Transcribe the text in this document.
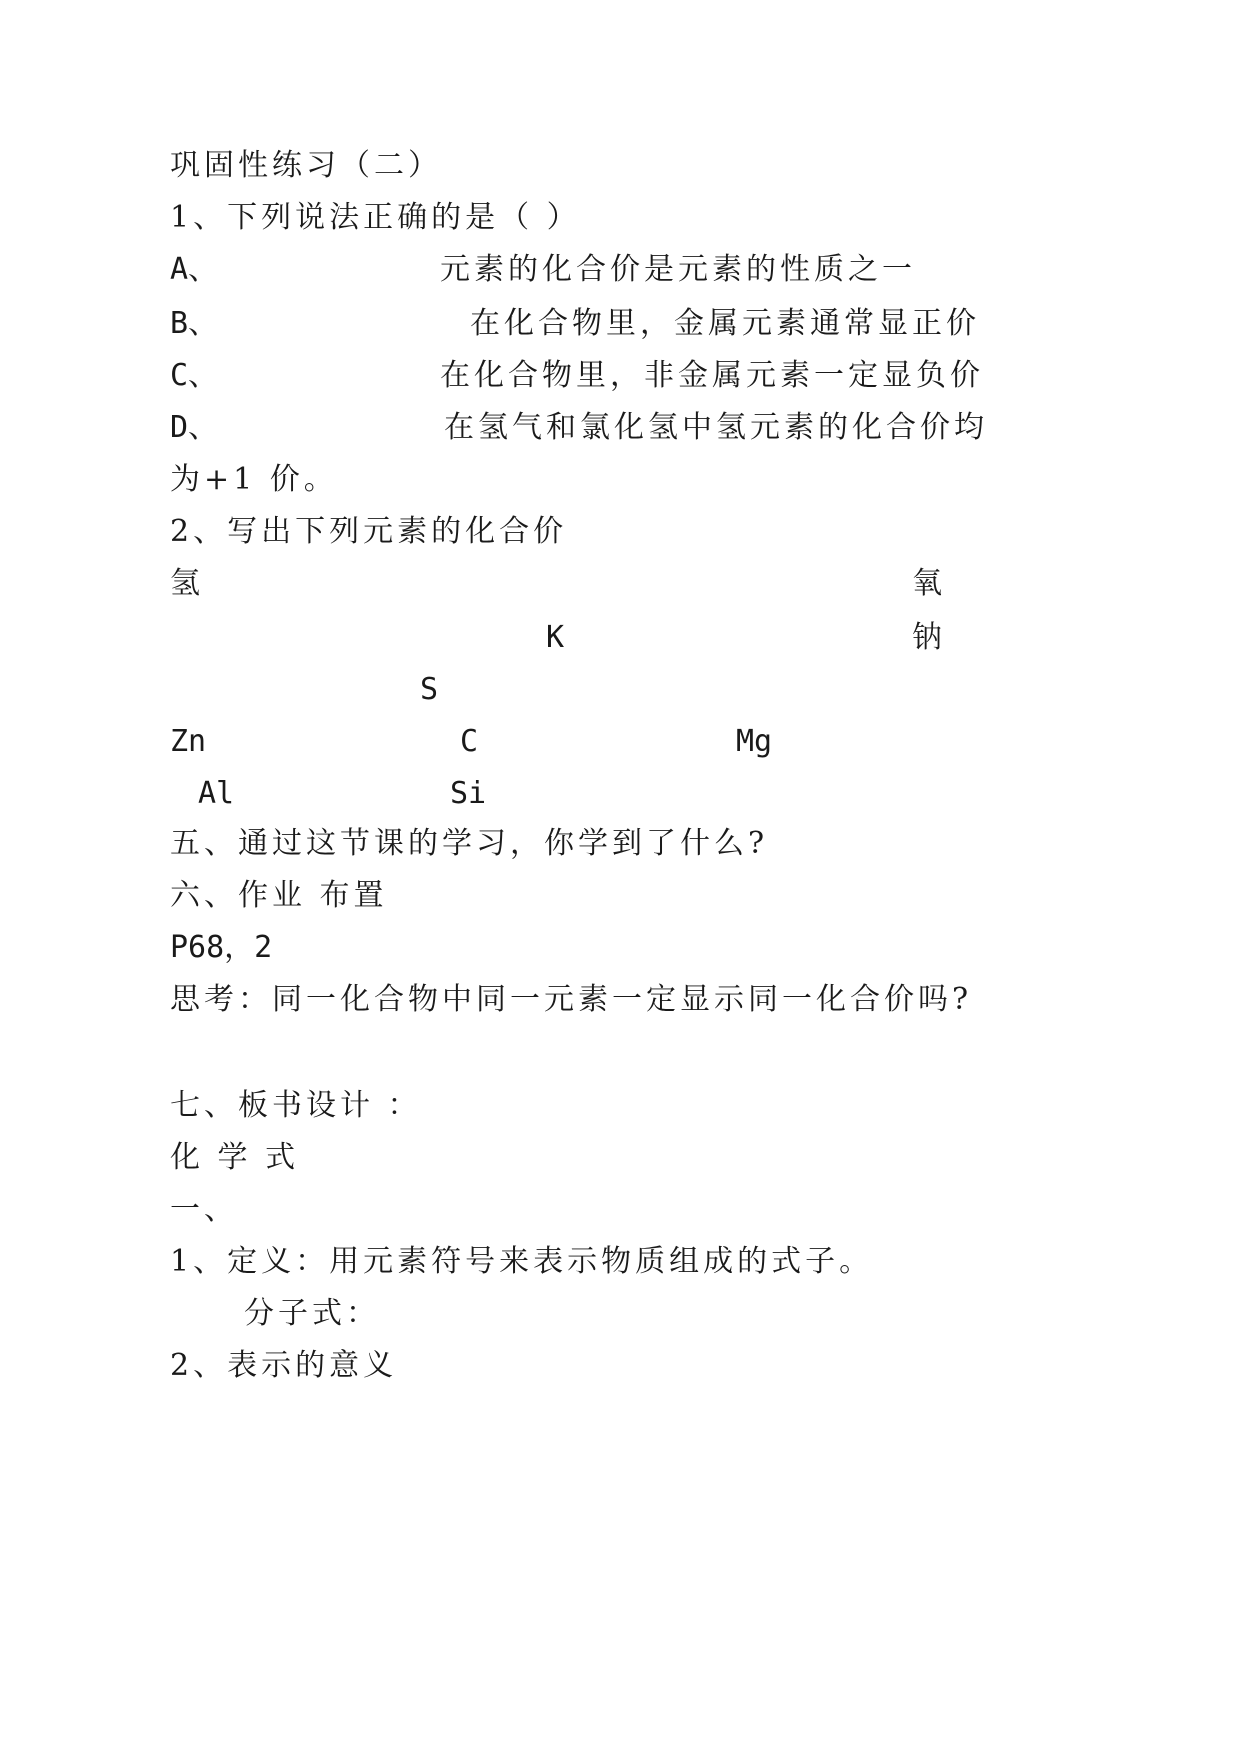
巩固性练习（二）
1、下列说法正确的是（ ）
A、	元素的化合价是元素的性质之一
B、	在化合物里，金属元素通常显正价
C、	在化合物里，非金属元素一定显负价
D、	在氢气和氯化氢中氢元素的化合价均
为+1 价。
2、写出下列元素的化合价
氢	氧
K	钠
S
Zn	C	Mg
Al	Si
五、通过这节课的学习，你学到了什么?
六、作业 布置
P68，2
思考：同一化合物中同一元素一定显示同一化合价吗?
七、板书设计 ：
化 学 式
一、
1、定义：用元素符号来表示物质组成的式子。
分子式：
2、表示的意义
